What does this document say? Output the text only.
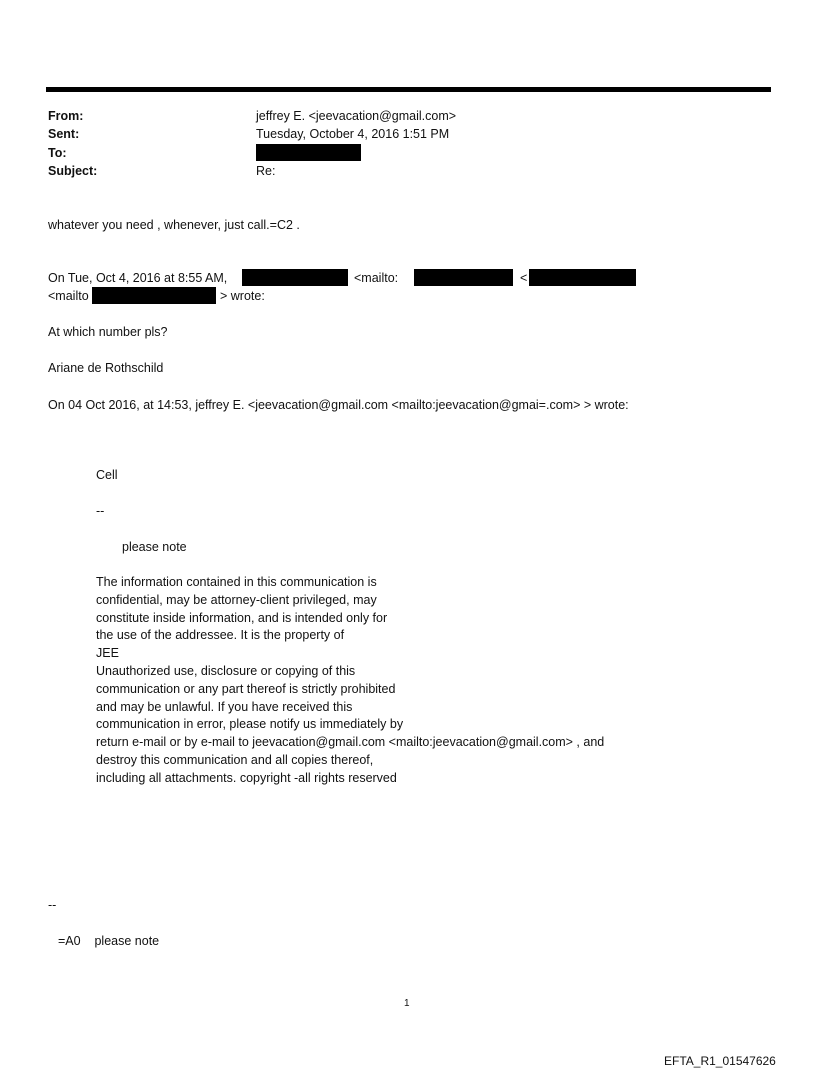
From:	jeffrey E. <jeevacation@gmail.com>
Sent:	Tuesday, October 4, 2016 1:51 PM
To:
Subject:	Re:
whatever you need , whenever, just call.=C2 .
On Tue, Oct 4, 2016 at 8:55 AM,	<mailto:	<
<mailto	> wrote:
At which number pls?
Ariane de Rothschild
On 04 Oct 2016, at 14:53, jeffrey E. <jeevacation@gmail.com <mailto:jeevacation@gmai=.com> > wrote:
Cell
--
please note
The information contained in this communication is
confidential, may be attorney-client privileged, may
constitute inside information, and is intended only for
the use of the addressee. It is the property of
JEE
Unauthorized use, disclosure or copying of this
communication or any part thereof is strictly prohibited
and may be unlawful. If you have received this
communication in error, please notify us immediately by
return e-mail or by e-mail to jeevacation@gmail.com <mailto:jeevacation@gmail.com> , and
destroy this communication and all copies thereof,
including all attachments. copyright -all rights reserved
--
=A0    please note
1
EFTA_R1_01547626
